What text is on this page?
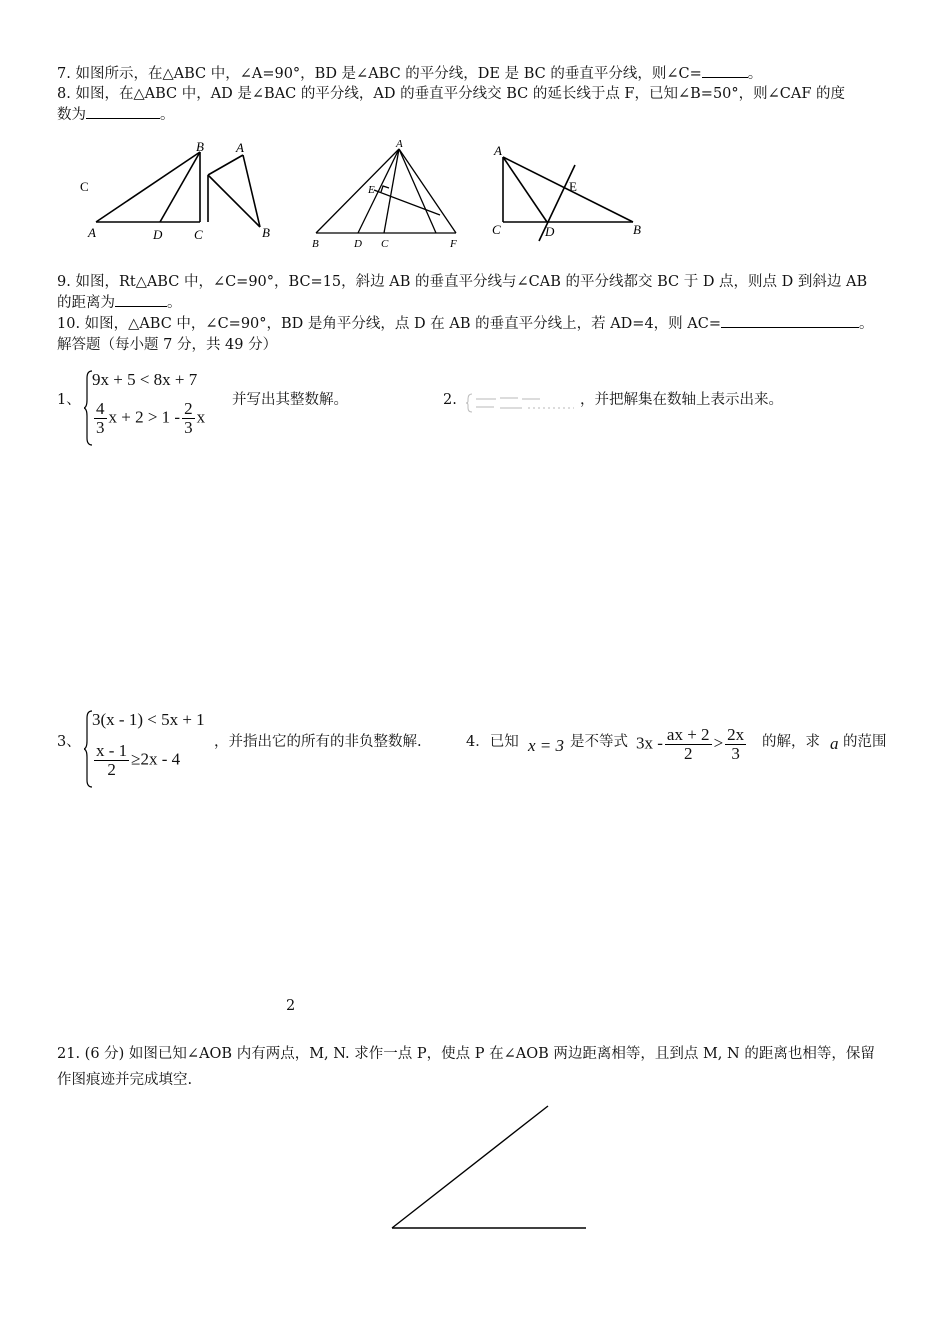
7. 如图所示，在△ABC 中，∠A=90°，BD 是∠ABC 的平分线，DE 是 BC 的垂直平分线，则∠C=	。
8. 如图，在△ABC 中，AD 是∠BAC 的平分线，AD 的垂直平分线交 BC 的延长线于点 F，已知∠B=50°，则∠CAF 的度
数为	。
C
B A
A	D C	B
A
E
B	D C	F
A
E
C	D	B
9. 如图，Rt△ABC 中，∠C=90°，BC=15，斜边 AB 的垂直平分线与∠CAB 的平分线都交 BC 于 D 点，则点 D 到斜边 AB
的距离为	。
10. 如图，△ABC 中，∠C=90°，BD 是角平分线，点 D 在 AB 的垂直平分线上，若 AD=4，则 AC=	。
解答题（每小题 7 分，共 49 分）
1、
9x + 5 < 8x + 7
$\frac{4}{3}$ $x + 2 > 1 - \frac{2}{3}$ x
并写出其整数解。	2.	，并把解集在数轴上表示出来。
3、
3(x - 1) < 5x + 1
$\frac{x - 1}{2} \ge 2x - 4$
，并指出它的所有的非负整数解.	4．已知 x = 3 是不等式 $3x - \frac{ax + 2}{2} > \frac{2x}{3}$ 的解，求 a 的范围
2
21. (6 分) 如图已知∠AOB 内有两点，M, N. 求作一点 P，使点 P 在∠AOB 两边距离相等，且到点 M, N 的距离也相等，保留
作图痕迹并完成填空.
